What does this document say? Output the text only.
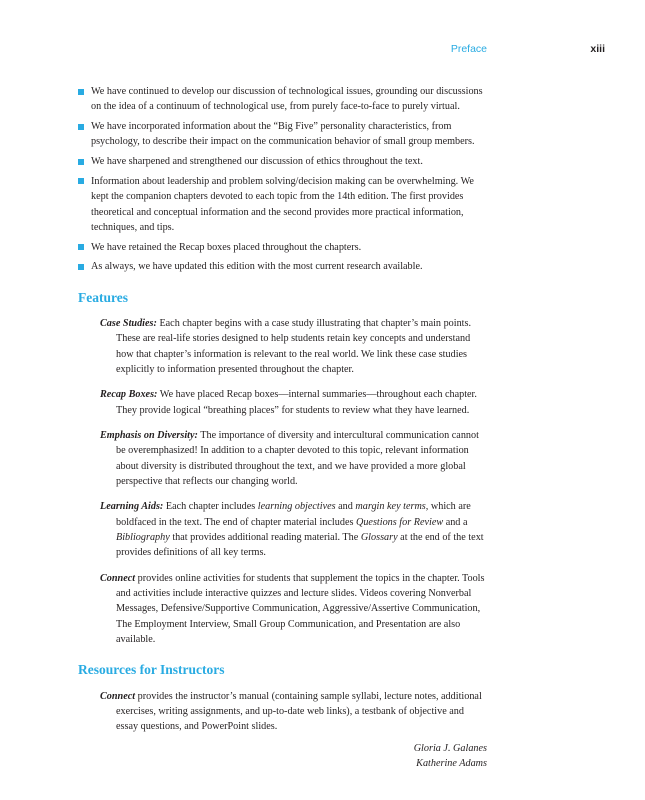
Preface	xiii
We have continued to develop our discussion of technological issues, grounding our discussions on the idea of a continuum of technological use, from purely face-to-face to purely virtual.
We have incorporated information about the “Big Five” personality characteristics, from psychology, to describe their impact on the communication behavior of small group members.
We have sharpened and strengthened our discussion of ethics throughout the text.
Information about leadership and problem solving/decision making can be overwhelming. We kept the companion chapters devoted to each topic from the 14th edition. The first provides theoretical and conceptual information and the second provides more practical information, techniques, and tips.
We have retained the Recap boxes placed throughout the chapters.
As always, we have updated this edition with the most current research available.
Features

Case Studies: Each chapter begins with a case study illustrating that chapter’s main points. These are real-life stories designed to help students retain key concepts and understand how that chapter’s information is relevant to the real world. We link these case studies explicitly to information presented throughout the chapter.

Recap Boxes: We have placed Recap boxes—internal summaries—throughout each chapter. They provide logical “breathing places” for students to review what they have learned.

Emphasis on Diversity: The importance of diversity and intercultural communication cannot be overemphasized! In addition to a chapter devoted to this topic, relevant information about diversity is distributed throughout the text, and we have provided a more global perspective that reflects our changing world.

Learning Aids: Each chapter includes learning objectives and margin key terms, which are boldfaced in the text. The end of chapter material includes Questions for Review and a Bibliography that provides additional reading material. The Glossary at the end of the text provides definitions of all key terms.

Connect provides online activities for students that supplement the topics in the chapter. Tools and activities include interactive quizzes and lecture slides. Videos covering Nonverbal Messages, Defensive/Supportive Communication, Aggressive/Assertive Communication, The Employment Interview, Small Group Communication, and Presentation are also available.

Resources for Instructors

Connect provides the instructor’s manual (containing sample syllabi, lecture notes, additional exercises, writing assignments, and up-to-date web links), a testbank of objective and essay questions, and PowerPoint slides.

Gloria J. Galanes
Katherine Adams
